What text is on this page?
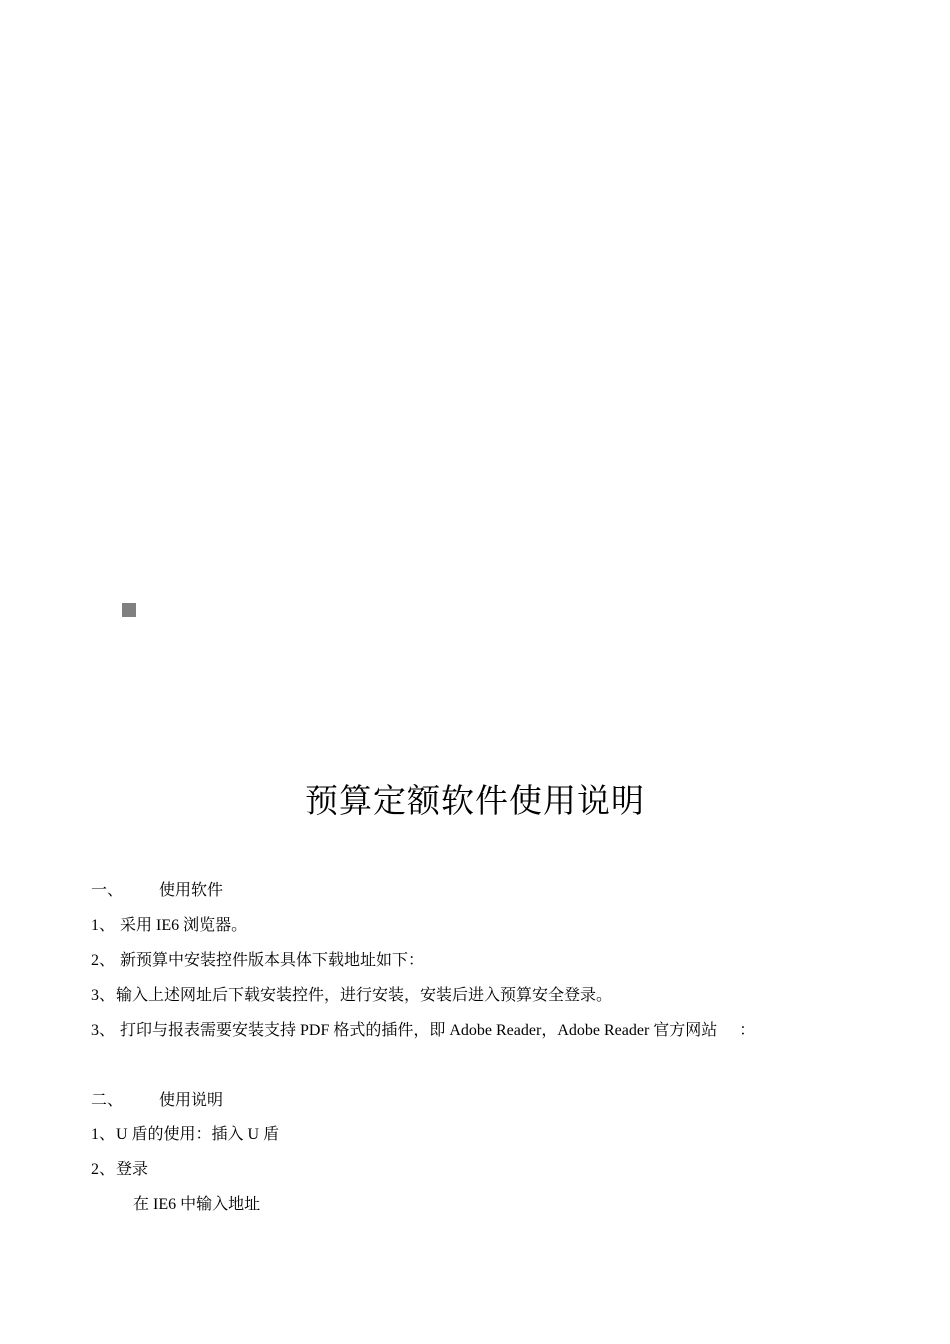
预算定额软件使用说明
一、 使用软件
1、 采用 IE6 浏览器。
2、 新预算中安装控件版本具体下载地址如下：
3、输入上述网址后下载安装控件，进行安装，安装后进入预算安全登录。
3、 打印与报表需要安装支持 PDF 格式的插件，即 Adobe Reader，Adobe Reader 官方网站 ：
二、 使用说明
1、U 盾的使用：插入 U 盾
2、登录
在 IE6 中输入地址
